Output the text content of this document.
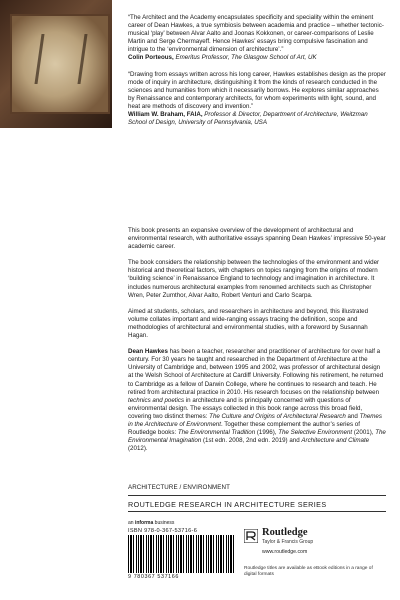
“The Architect and the Academy encapsulates specificity and speciality within the eminent career of Dean Hawkes, a true symbiosis between academia and practice – whether tectonic-musical ‘play’ between Alvar Aalto and Joonas Kokkonen, or career-comparisons of Leslie Martin and Serge Chermayeff. Hence Hawkes’ essays bring compulsive fascination and intrigue to the ‘environmental dimension of architecture’.”

Colin Porteous, Emeritus Professor, The Glasgow School of Art, UK

“Drawing from essays written across his long career, Hawkes establishes design as the proper mode of inquiry in architecture, distinguishing it from the kinds of research conducted in the sciences and humanities from which it necessarily borrows. He explores similar approaches by Renaissance and contemporary architects, for whom experiments with light, sound, and heat are methods of discovery and invention.”

William W. Braham, FAIA, Professor & Director, Department of Architecture, Weitzman School of Design, University of Pennsylvania, USA

This book presents an expansive overview of the development of architectural and environmental research, with authoritative essays spanning Dean Hawkes’ impressive 50-year academic career.

The book considers the relationship between the technologies of the environment and wider historical and theoretical factors, with chapters on topics ranging from the origins of modern ‘building science’ in Renaissance England to technology and imagination in architecture. It includes numerous architectural examples from renowned architects such as Christopher Wren, Peter Zumthor, Alvar Aalto, Robert Venturi and Carlo Scarpa.

Aimed at students, scholars, and researchers in architecture and beyond, this illustrated volume collates important and wide-ranging essays tracing the definition, scope and methodologies of architectural and environmental studies, with a foreword by Susannah Hagan.

Dean Hawkes has been a teacher, researcher and practitioner of architecture for over half a century. For 30 years he taught and researched in the Department of Architecture at the University of Cambridge and, between 1995 and 2002, was professor of architectural design at the Welsh School of Architecture at Cardiff University. Following his retirement, he returned to Cambridge as a fellow of Darwin College, where he continues to research and teach. He retired from architectural practice in 2010. His research focuses on the relationship between technics and poetics in architecture and is principally concerned with questions of environmental design. The essays collected in this book range across this broad field, covering two distinct themes: The Culture and Origins of Architectural Research and Themes in the Architecture of Environment. Together these complement the author’s series of Routledge books: The Environmental Tradition (1996), The Selective Environment (2001), The Environmental Imagination (1st edn. 2008, 2nd edn. 2019) and Architecture and Climate (2012).

ARCHITECTURE / ENVIRONMENT
ROUTLEDGE RESEARCH IN ARCHITECTURE SERIES
an informa business
ISBN 978-0-367-53716-6
9 780367 537166
Routledge
Taylor & Francis Group
www.routledge.com
Routledge titles are available as eBook editions in a range of digital formats
